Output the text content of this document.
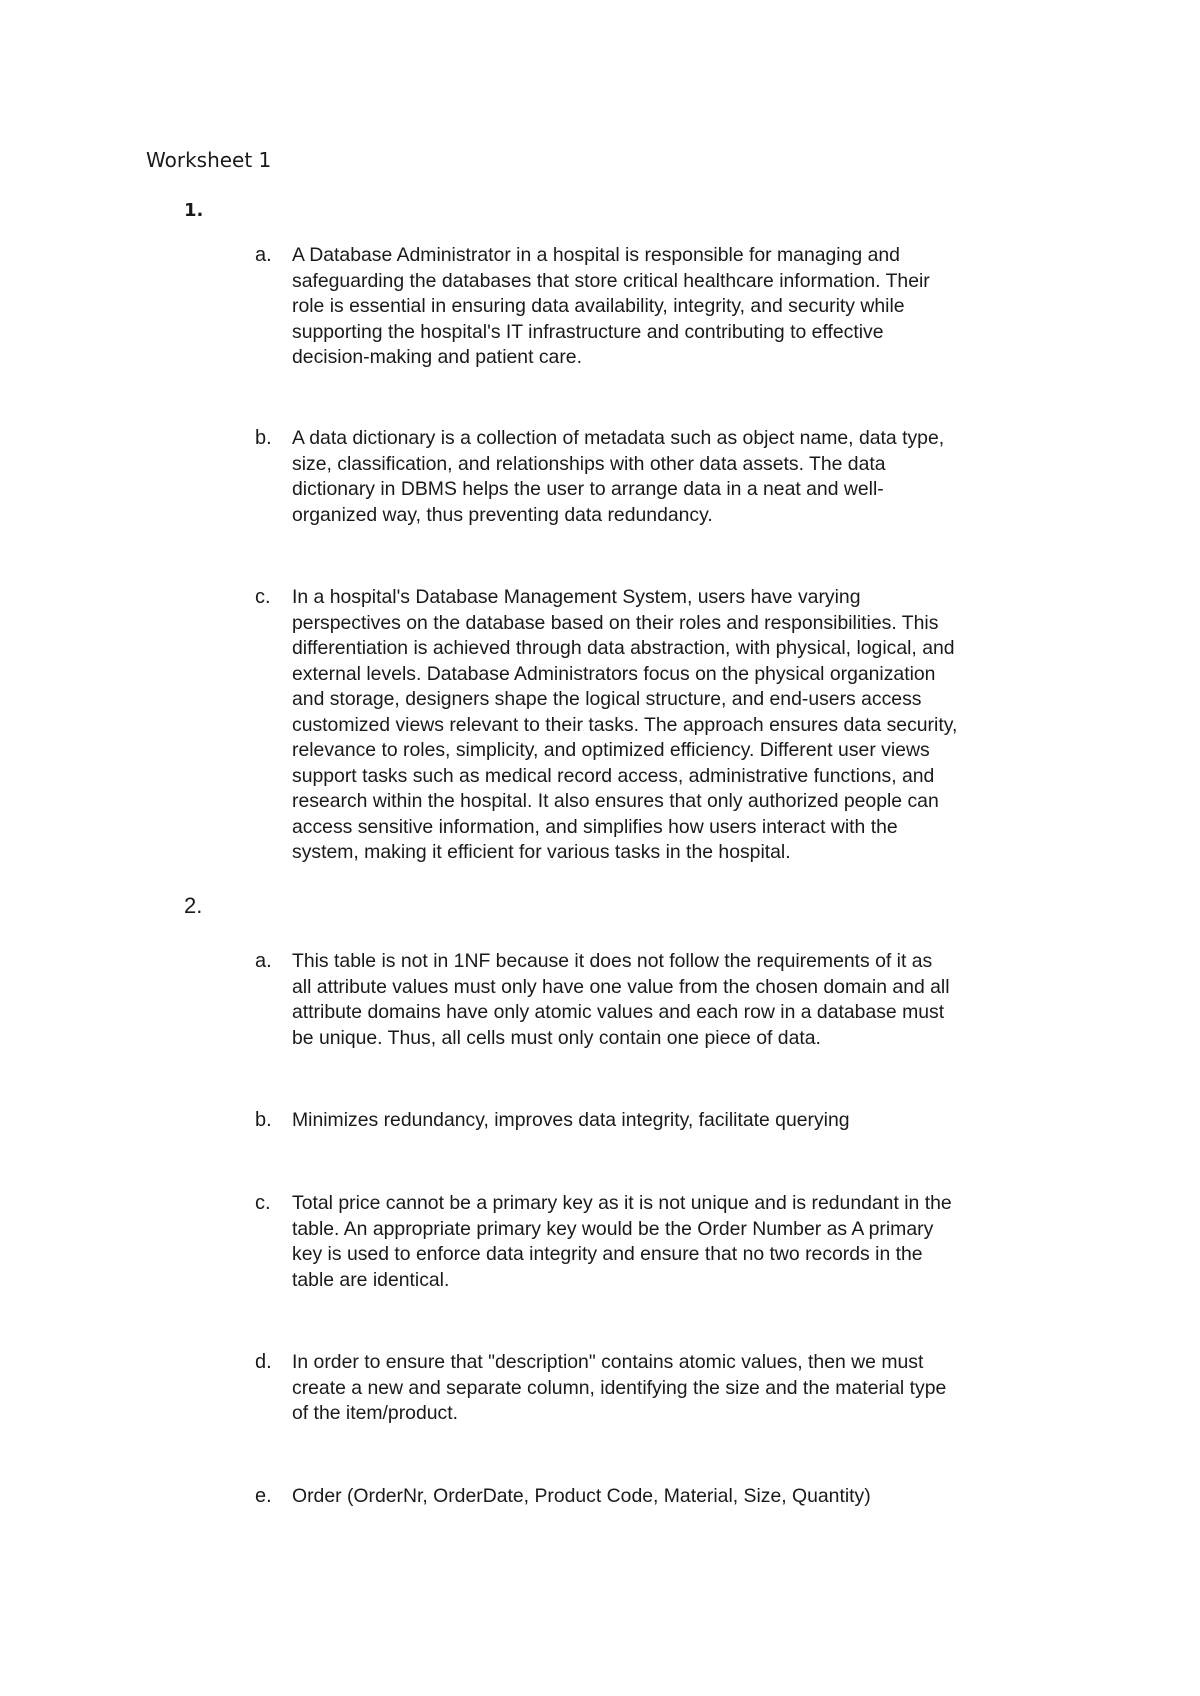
Worksheet 1
1.
a. A Database Administrator in a hospital is responsible for managing and
safeguarding the databases that store critical healthcare information. Their
role is essential in ensuring data availability, integrity, and security while
supporting the hospital's IT infrastructure and contributing to effective
decision-making and patient care.
b. A data dictionary is a collection of metadata such as object name, data type,
size, classification, and relationships with other data assets. The data
dictionary in DBMS helps the user to arrange data in a neat and well-
organized way, thus preventing data redundancy.
c. In a hospital's Database Management System, users have varying
perspectives on the database based on their roles and responsibilities. This
differentiation is achieved through data abstraction, with physical, logical, and
external levels. Database Administrators focus on the physical organization
and storage, designers shape the logical structure, and end-users access
customized views relevant to their tasks. The approach ensures data security,
relevance to roles, simplicity, and optimized efficiency. Different user views
support tasks such as medical record access, administrative functions, and
research within the hospital. It also ensures that only authorized people can
access sensitive information, and simplifies how users interact with the
system, making it efficient for various tasks in the hospital.
2.
a. This table is not in 1NF because it does not follow the requirements of it as
all attribute values must only have one value from the chosen domain and all
attribute domains have only atomic values and each row in a database must
be unique. Thus, all cells must only contain one piece of data.
b. Minimizes redundancy, improves data integrity, facilitate querying
c. Total price cannot be a primary key as it is not unique and is redundant in the
table. An appropriate primary key would be the Order Number as A primary
key is used to enforce data integrity and ensure that no two records in the
table are identical.
d. In order to ensure that "description" contains atomic values, then we must
create a new and separate column, identifying the size and the material type
of the item/product.
e. Order (OrderNr, OrderDate, Product Code, Material, Size, Quantity)
